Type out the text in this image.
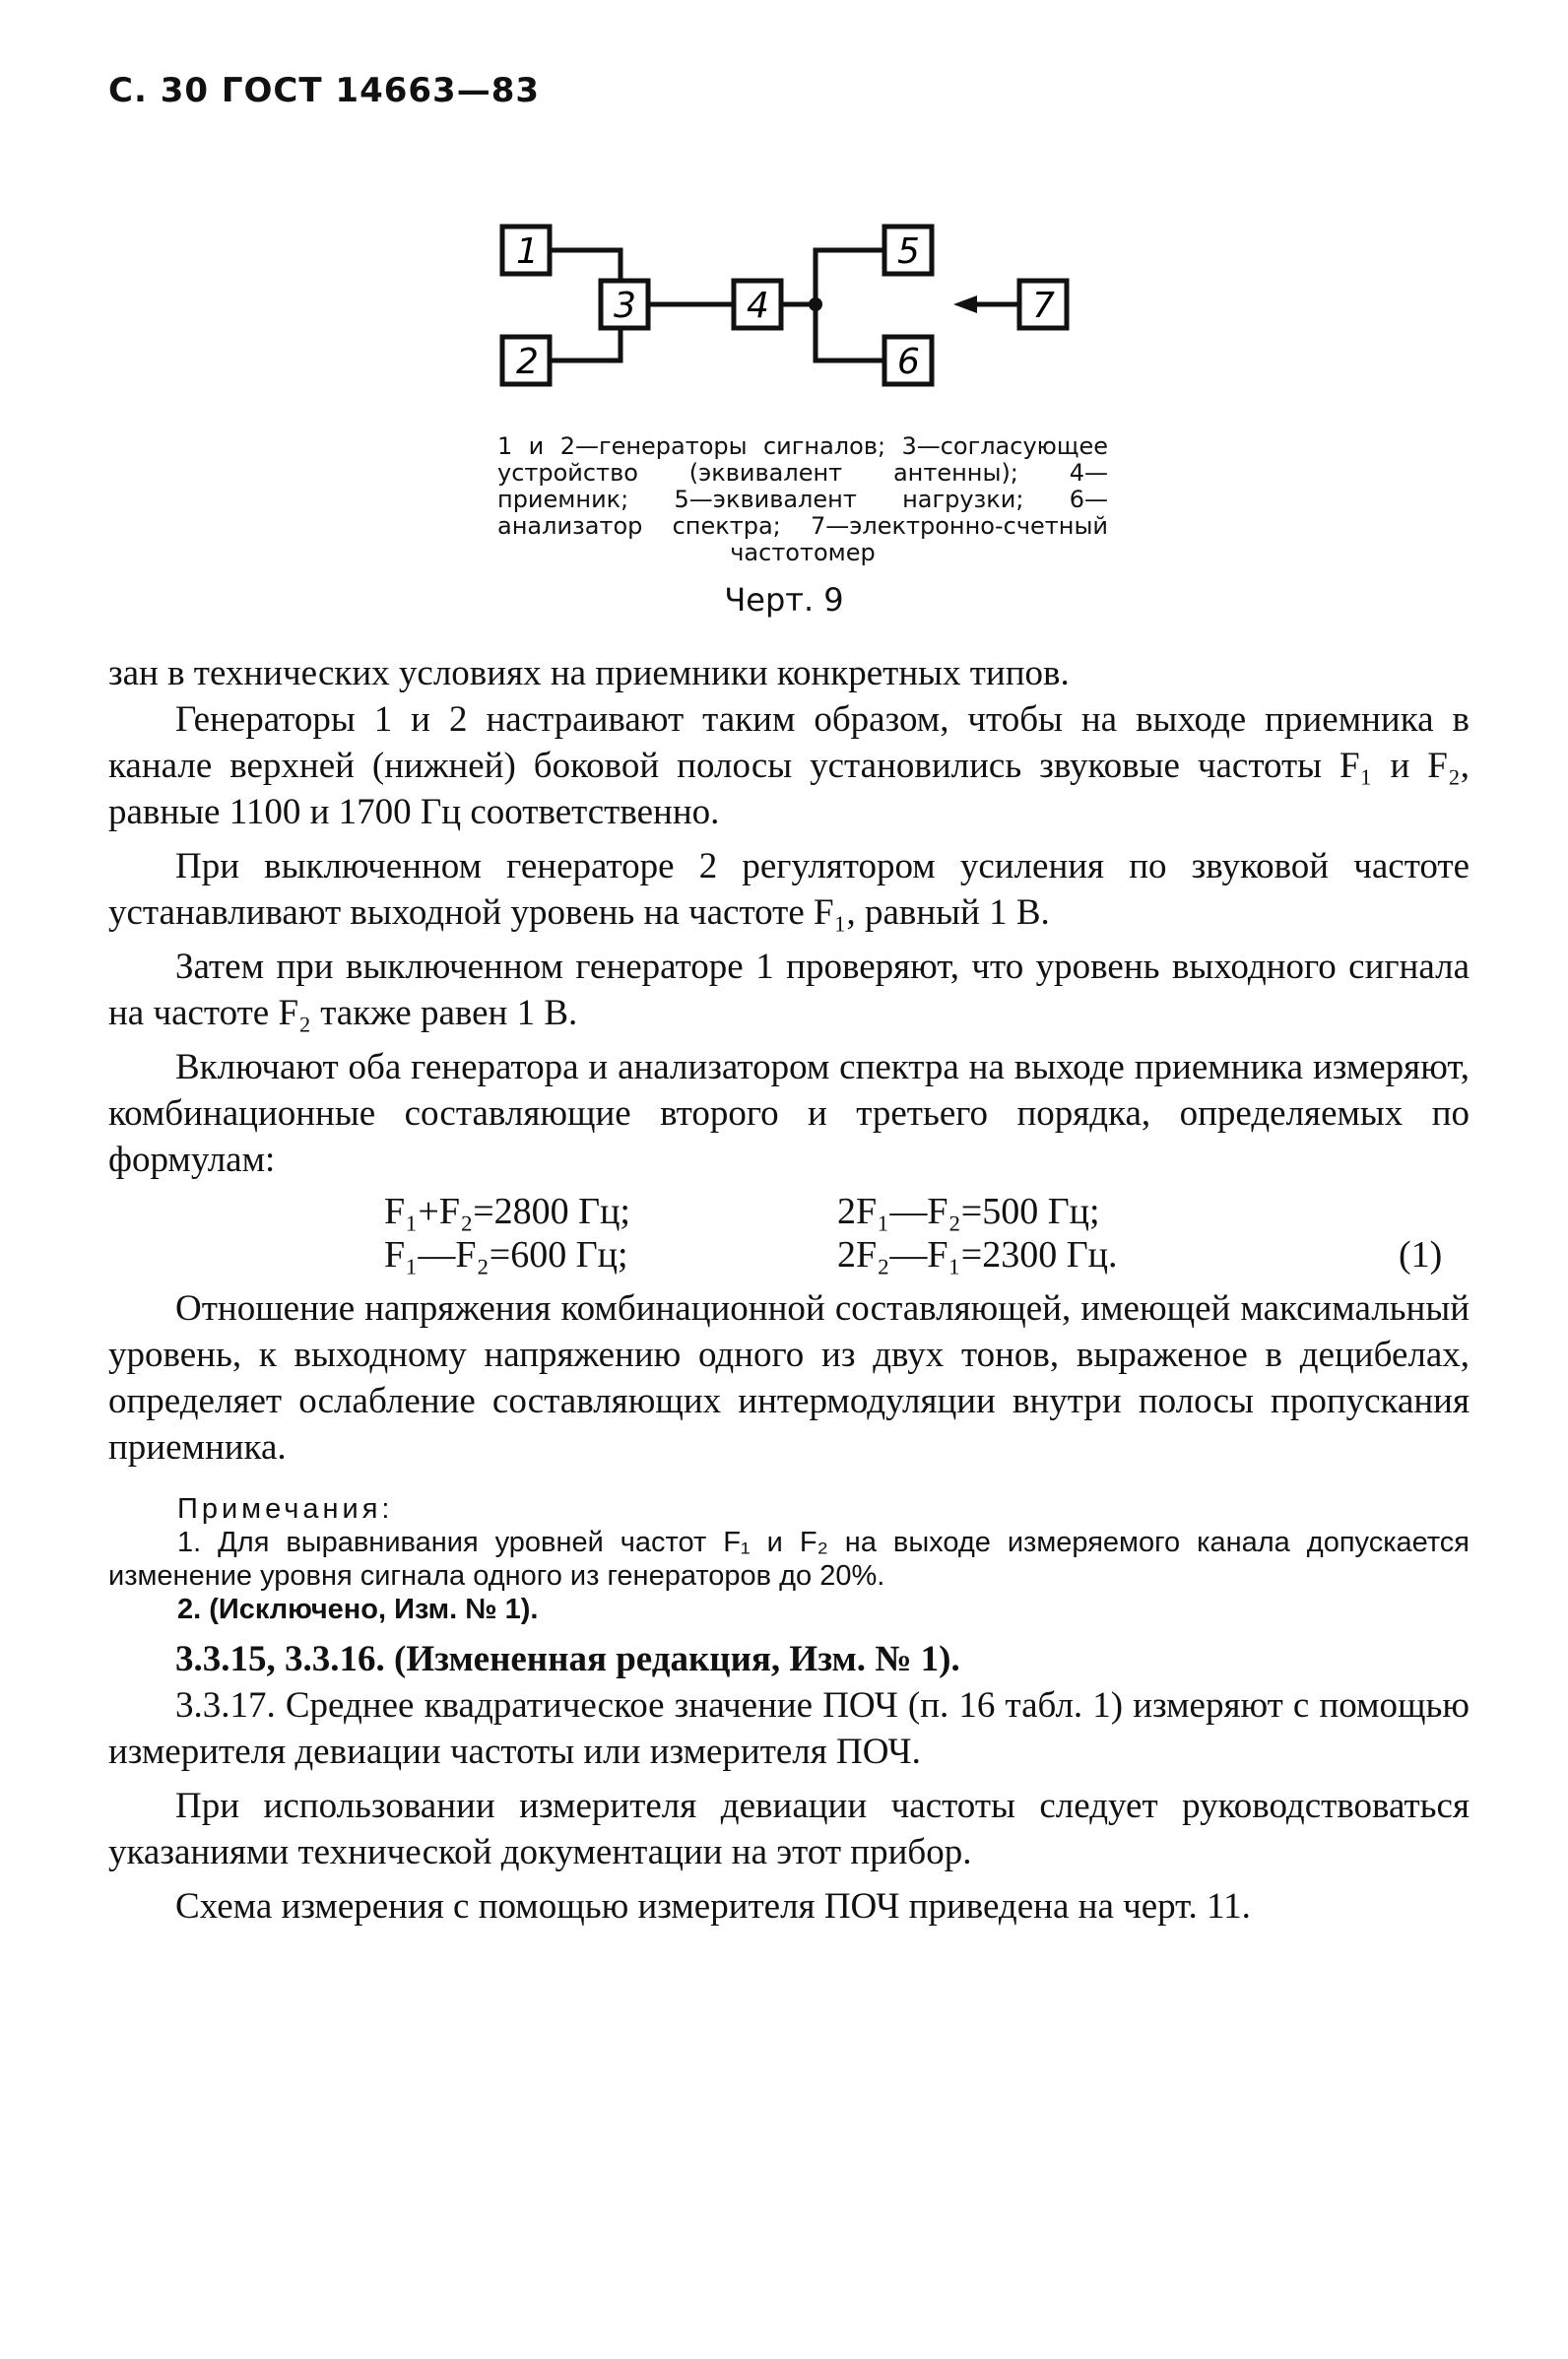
С. 30 ГОСТ 14663—83
1
2
3	4
5
6
7
1 и 2—генераторы сигналов; 3—согласующее устройство (эквивалент антенны); 4—приемник; 5—эквивалент нагрузки; 6—анализатор спектра; 7—электронно-счетный частотомер
Черт. 9

зан в технических условиях на приемники конкретных типов.

Генераторы 1 и 2 настраивают таким образом, чтобы на выходе приемника в канале верхней (нижней) боковой полосы установились звуковые частоты F₁ и F₂, равные 1100 и 1700 Гц соответственно.

При выключенном генераторе 2 регулятором усиления по звуковой частоте устанавливают выходной уровень на частоте F₁, равный 1 В.

Затем при выключенном генераторе 1 проверяют, что уровень выходного сигнала на частоте F₂ также равен 1 В.

Включают оба генератора и анализатором спектра на выходе приемника измеряют, комбинационные составляющие второго и третьего порядка, определяемых по формулам:

F₁+F₂=2800 Гц;	2F₁—F₂=500 Гц;
F₁—F₂=600 Гц;	2F₂—F₁=2300 Гц.	(1)

Отношение напряжения комбинационной составляющей, имеющей максимальный уровень, к выходному напряжению одного из двух тонов, выраженое в децибелах, определяет ослабление составляющих интермодуляции внутри полосы пропускания приемника.

Примечания:

1. Для выравнивания уровней частот F₁ и F₂ на выходе измеряемого канала допускается изменение уровня сигнала одного из генераторов до 20%.

2. (Исключено, Изм. № 1).

3.3.15, 3.3.16. (Измененная редакция, Изм. № 1).

3.3.17. Среднее квадратическое значение ПОЧ (п. 16 табл. 1) измеряют с помощью измерителя девиации частоты или измерителя ПОЧ.

При использовании измерителя девиации частоты следует руководствоваться указаниями технической документации на этот прибор.

Схема измерения с помощью измерителя ПОЧ приведена на черт. 11.
